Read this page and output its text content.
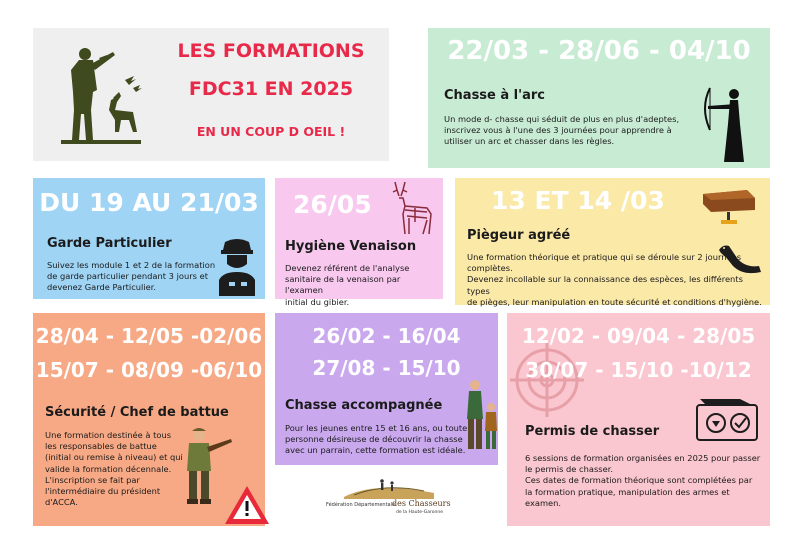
LES FORMATIONS
FDC31 EN 2025
EN UN COUP D OEIL !
22/03 - 28/06 - 04/10
Chasse à l'arc

Un mode d- chasse qui séduit de plus en plus d'adeptes,
inscrivez vous à l'une des 3 journées pour apprendre à
utiliser un arc et chasser dans les règles.

DU 19 AU 21/03
Garde Particulier

Suivez les module 1 et 2 de la formation
de garde particulier pendant 3 jours et
devenez Garde Particulier.

26/05
Hygiène Venaison

Devenez référent de l'analyse
sanitaire de la venaison par l'examen
initial du gibier.

13 ET 14 /03
Piègeur agréé

Une formation théorique et pratique qui se déroule sur 2 journées
complètes.
Devenez incollable sur la connaissance des espèces, les différents types
de pièges, leur manipulation en toute sécurité et conditions d'hygiène.

28/04 - 12/05 -02/06
15/07 - 08/09 -06/10
Sécurité / Chef de battue

Une formation destinée à tous
les responsables de battue
(initial ou remise à niveau) et qui
valide la formation décennale.
L'inscription se fait par
l'intermédiaire du président
d'ACCA.

26/02 - 16/04
27/08 - 15/10
Chasse accompagnée

Pour les jeunes entre 15 et 16 ans, ou toute
personne désireuse de découvrir la chasse
avec un parrain, cette formation est idéale.

Fédération Départementale
des Chasseurs
de la Haute-Garonne
12/02 - 09/04 - 28/05
30/07 - 15/10 -10/12
Permis de chasser

6 sessions de formation organisées en 2025 pour passer
le permis de chasser.
Ces dates de formation théorique sont complétées par
la formation pratique, manipulation des armes et
examen.
